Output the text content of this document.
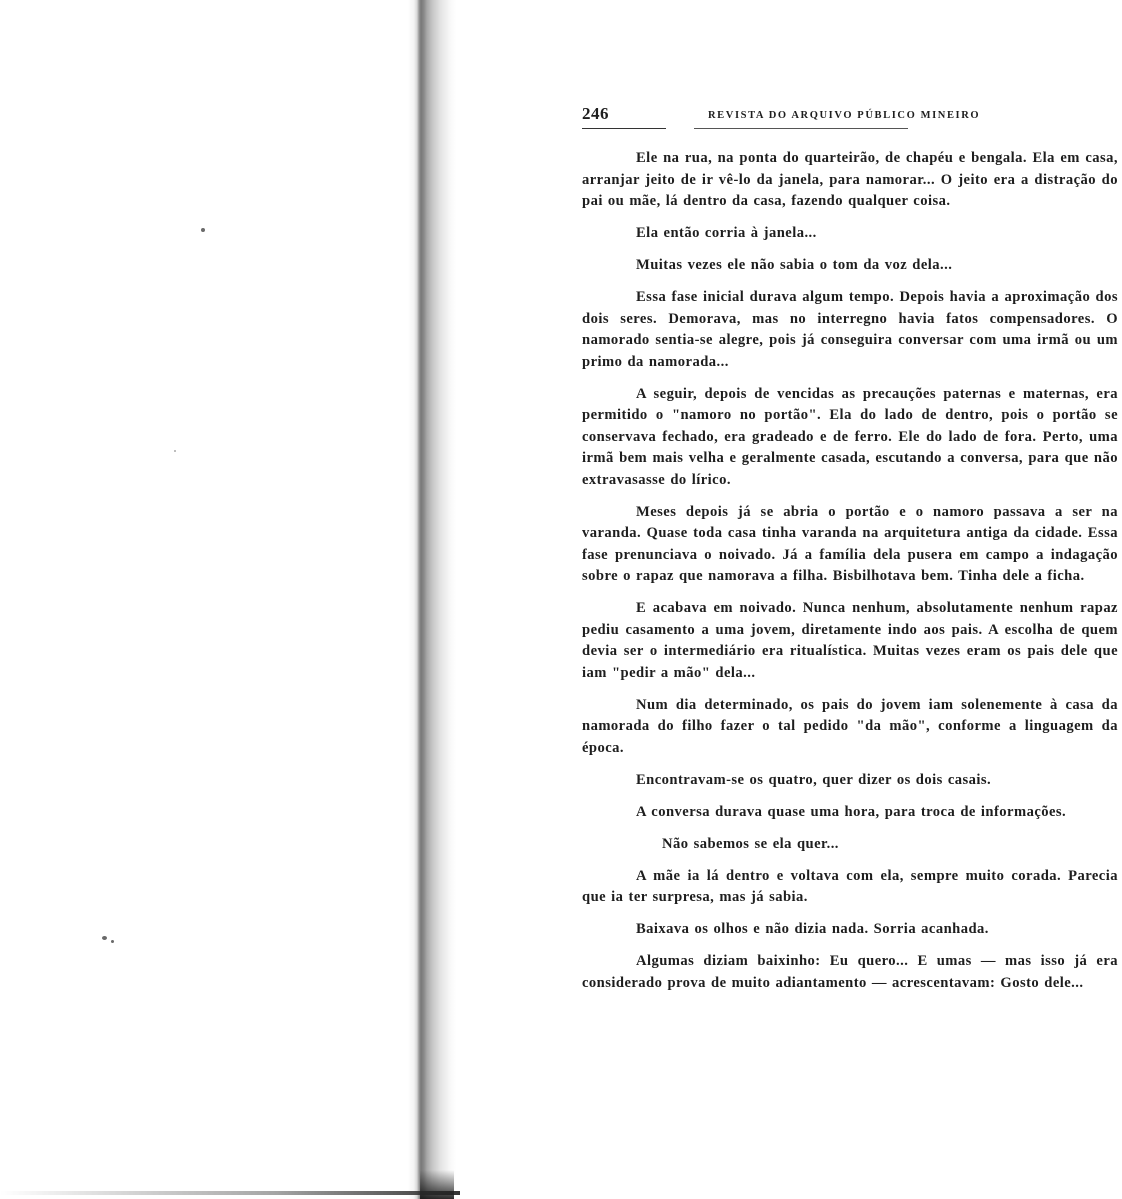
246	REVISTA DO ARQUIVO PÚBLICO MINEIRO

Ele na rua, na ponta do quarteirão, de chapéu e bengala. Ela em casa, arranjar jeito de ir vê-lo da janela, para namorar... O jeito era a distração do pai ou mãe, lá dentro da casa, fazendo qualquer coisa.

Ela então corria à janela...

Muitas vezes ele não sabia o tom da voz dela...

Essa fase inicial durava algum tempo. Depois havia a aproximação dos dois seres. Demorava, mas no interregno havia fatos compensadores. O namorado sentia-se alegre, pois já conseguira conversar com uma irmã ou um primo da namorada...

A seguir, depois de vencidas as precauções paternas e maternas, era permitido o "namoro no portão". Ela do lado de dentro, pois o portão se conservava fechado, era gradeado e de ferro. Ele do lado de fora. Perto, uma irmã bem mais velha e geralmente casada, escutando a conversa, para que não extravasasse do lírico.

Meses depois já se abria o portão e o namoro passava a ser na varanda. Quase toda casa tinha varanda na arquitetura antiga da cidade. Essa fase prenunciava o noivado. Já a família dela pusera em campo a indagação sobre o rapaz que namorava a filha. Bisbilhotava bem. Tinha dele a ficha.

E acabava em noivado. Nunca nenhum, absolutamente nenhum rapaz pediu casamento a uma jovem, diretamente indo aos pais. A escolha de quem devia ser o intermediário era ritualística. Muitas vezes eram os pais dele que iam "pedir a mão" dela...

Num dia determinado, os pais do jovem iam solenemente à casa da namorada do filho fazer o tal pedido "da mão", conforme a linguagem da época.

Encontravam-se os quatro, quer dizer os dois casais.

A conversa durava quase uma hora, para troca de informações.

Não sabemos se ela quer...

A mãe ia lá dentro e voltava com ela, sempre muito corada. Parecia que ia ter surpresa, mas já sabia.

Baixava os olhos e não dizia nada. Sorria acanhada.

Algumas diziam baixinho: Eu quero... E umas — mas isso já era considerado prova de muito adiantamento — acrescentavam: Gosto dele...
